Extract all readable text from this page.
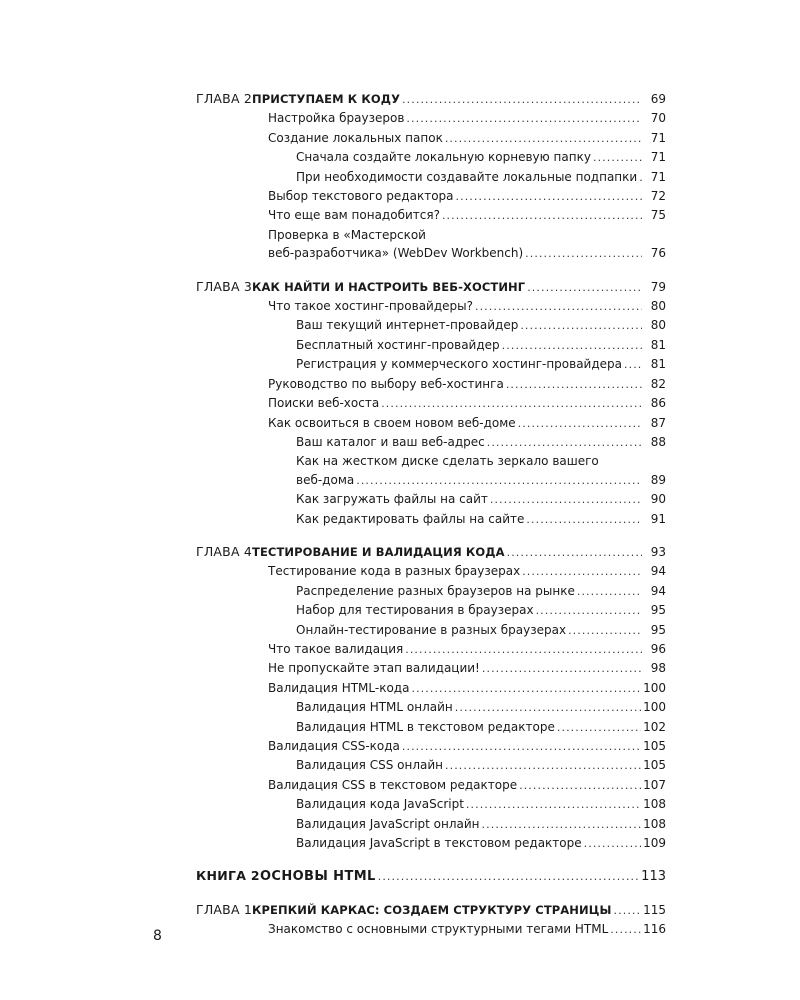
ГЛАВА 2 ПРИСТУПАЕМ К КОДУ .....	69
Настройка браузеров .....	70
Создание локальных папок .....	71
Сначала создайте локальную корневую папку .....	71
При необходимости создавайте локальные подпапки .....	71
Выбор текстового редактора .....	72
Что еще вам понадобится? .....	75
Проверка в «Мастерской
веб-разработчика» (WebDev Workbench) .....	76
ГЛАВА 3 КАК НАЙТИ И НАСТРОИТЬ ВЕБ-ХОСТИНГ .....	79
Что такое хостинг-провайдеры? .....	80
Ваш текущий интернет-провайдер .....	80
Бесплатный хостинг-провайдер .....	81
Регистрация у коммерческого хостинг-провайдера .....	81
Руководство по выбору веб-хостинга .....	82
Поиски веб-хоста .....	86
Как освоиться в своем новом веб-доме .....	87
Ваш каталог и ваш веб-адрес .....	88
Как на жестком диске сделать зеркало вашего
веб-дома .....	89
Как загружать файлы на сайт .....	90
Как редактировать файлы на сайте .....	91
ГЛАВА 4 ТЕСТИРОВАНИЕ И ВАЛИДАЦИЯ КОДА .....	93
Тестирование кода в разных браузерах .....	94
Распределение разных браузеров на рынке .....	94
Набор для тестирования в браузерах .....	95
Онлайн-тестирование в разных браузерах .....	95
Что такое валидация .....	96
Не пропускайте этап валидации! .....	98
Валидация HTML-кода .....	100
Валидация HTML онлайн .....	100
Валидация HTML в текстовом редакторе .....	102
Валидация CSS-кода .....	105
Валидация CSS онлайн .....	105
Валидация CSS в текстовом редакторе .....	107
Валидация кода JavaScript .....	108
Валидация JavaScript онлайн .....	108
Валидация JavaScript в текстовом редакторе .....	109
КНИГА 2 ОСНОВЫ HTML .....	113
ГЛАВА 1 КРЕПКИЙ КАРКАС: СОЗДАЕМ СТРУКТУРУ СТРАНИЦЫ .....	115
Знакомство с основными структурными тегами HTML .....	116
8
